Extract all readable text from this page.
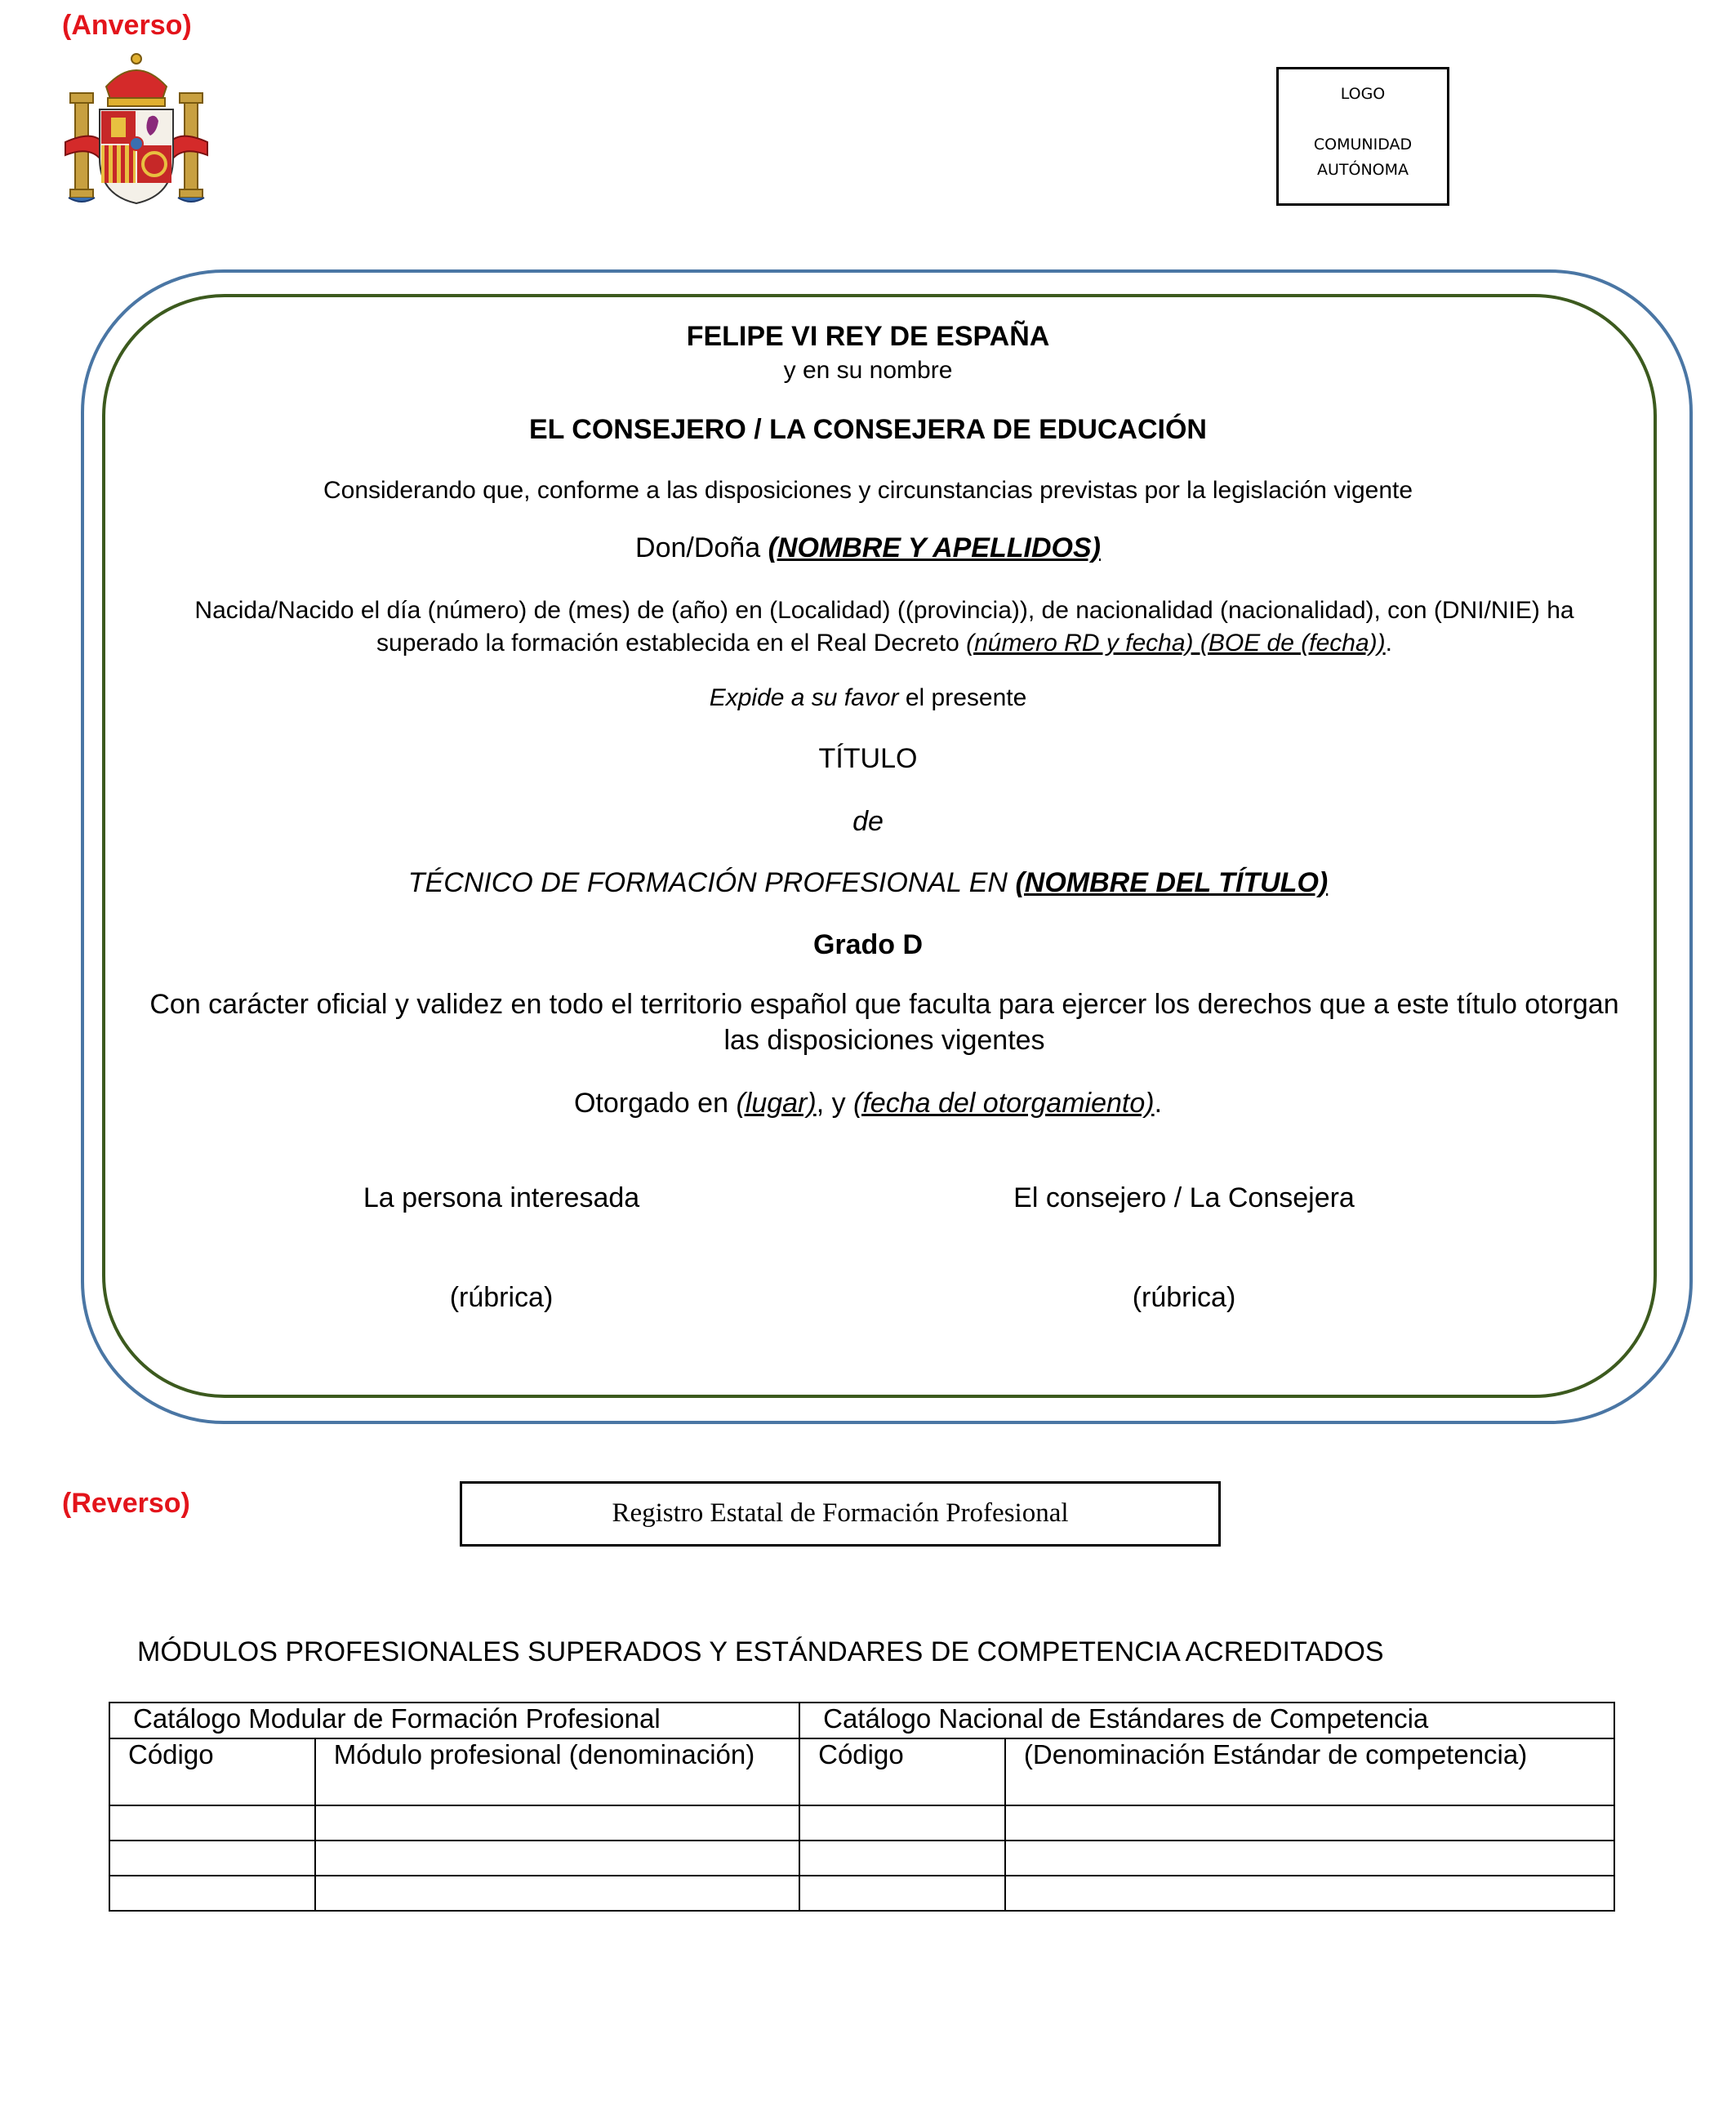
(Anverso)
LOGO
COMUNIDAD
AUTÓNOMA
FELIPE VI REY DE ESPAÑA
y en su nombre
EL CONSEJERO / LA CONSEJERA DE EDUCACIÓN
Considerando que, conforme a las disposiciones y circunstancias previstas por la legislación vigente
Don/Doña (NOMBRE Y APELLIDOS)
Nacida/Nacido el día (número) de (mes) de (año) en (Localidad) ((provincia)), de nacionalidad (nacionalidad), con (DNI/NIE) ha superado la formación establecida en el Real Decreto (número RD y fecha) (BOE de (fecha)).
Expide a su favor el presente
TÍTULO
de
TÉCNICO DE FORMACIÓN PROFESIONAL EN (NOMBRE DEL TÍTULO)
Grado D
Con carácter oficial y validez en todo el territorio español que faculta para ejercer los derechos que a este título otorgan las disposiciones vigentes
Otorgado en (lugar), y (fecha del otorgamiento).
La persona interesada	El consejero / La Consejera
(rúbrica)	(rúbrica)
(Reverso)	Registro Estatal de Formación Profesional
MÓDULOS PROFESIONALES SUPERADOS Y ESTÁNDARES DE COMPETENCIA ACREDITADOS
Catálogo Modular de Formación Profesional		Catálogo Nacional de Estándares de Competencia	
Código	Módulo profesional (denominación)	Código	(Denominación Estándar de competencia)
